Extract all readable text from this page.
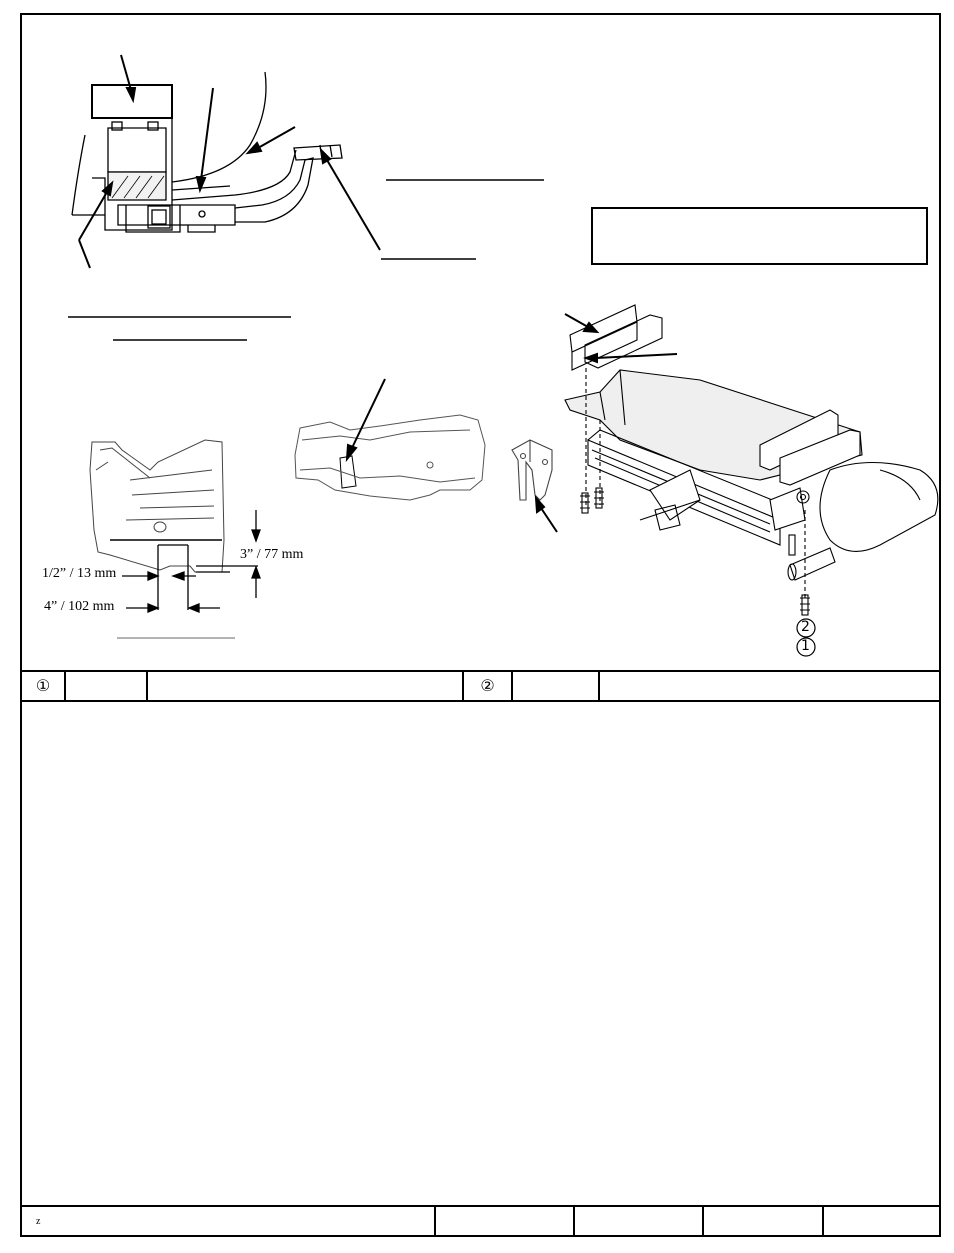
3” / 77 mm
1/2” / 13 mm
4” / 102 mm
2
1
①			②		
z				
